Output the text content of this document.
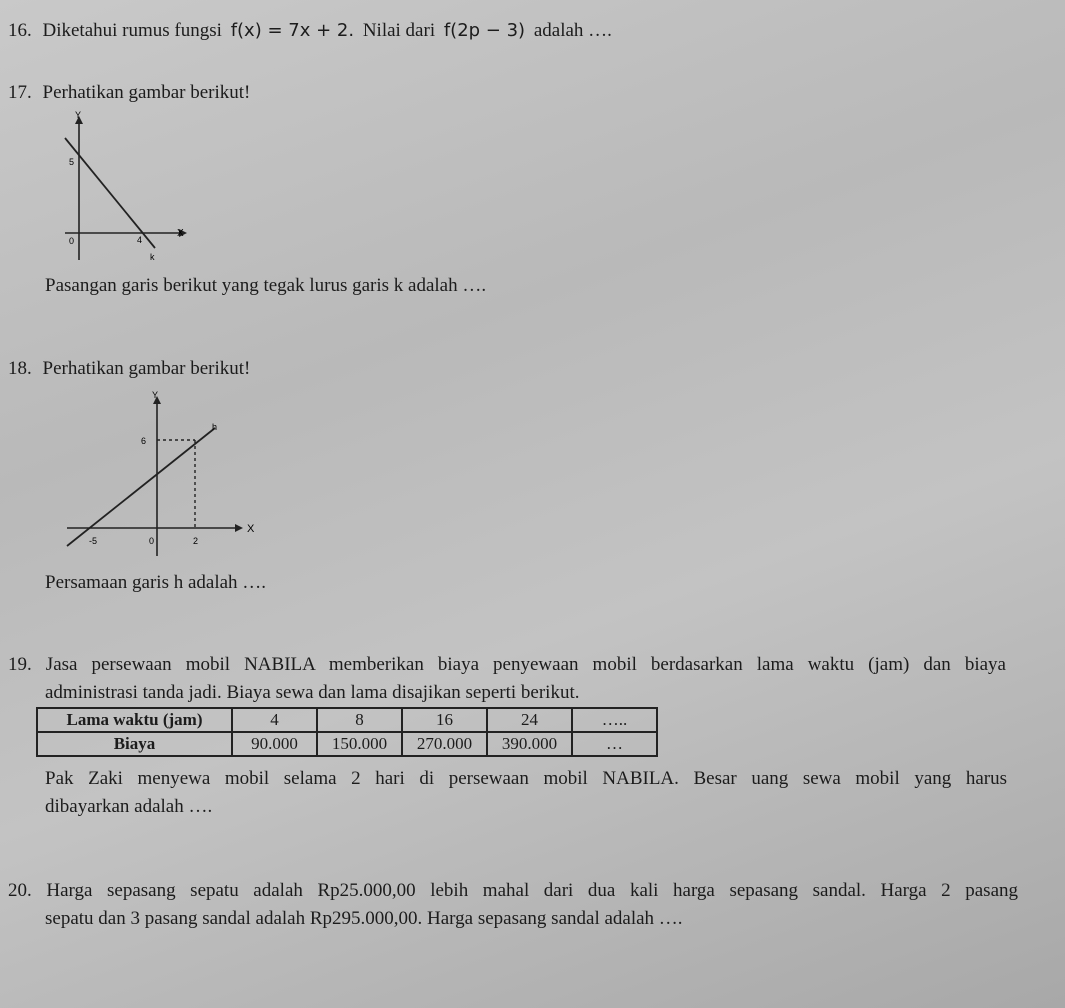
16. Diketahui rumus fungsi f(x) = 7x + 2. Nilai dari f(2p − 3) adalah ….
17. Perhatikan gambar berikut!
Y
X
5
0	4
k
Pasangan garis berikut yang tegak lurus garis k adalah ….
18. Perhatikan gambar berikut!
Y
X
6
-5	0	2
h
Persamaan garis h adalah ….
19. Jasa persewaan mobil NABILA memberikan biaya penyewaan mobil berdasarkan lama waktu (jam) dan biaya
administrasi tanda jadi. Biaya sewa dan lama disajikan seperti berikut.
Lama waktu (jam)	4	8	16	24	…..
Biaya	90.000	150.000	270.000	390.000	…
Pak Zaki menyewa mobil selama 2 hari di persewaan mobil NABILA. Besar uang sewa mobil yang harus
dibayarkan adalah ….
20. Harga sepasang sepatu adalah Rp25.000,00 lebih mahal dari dua kali harga sepasang sandal. Harga 2 pasang
sepatu dan 3 pasang sandal adalah Rp295.000,00. Harga sepasang sandal adalah ….
